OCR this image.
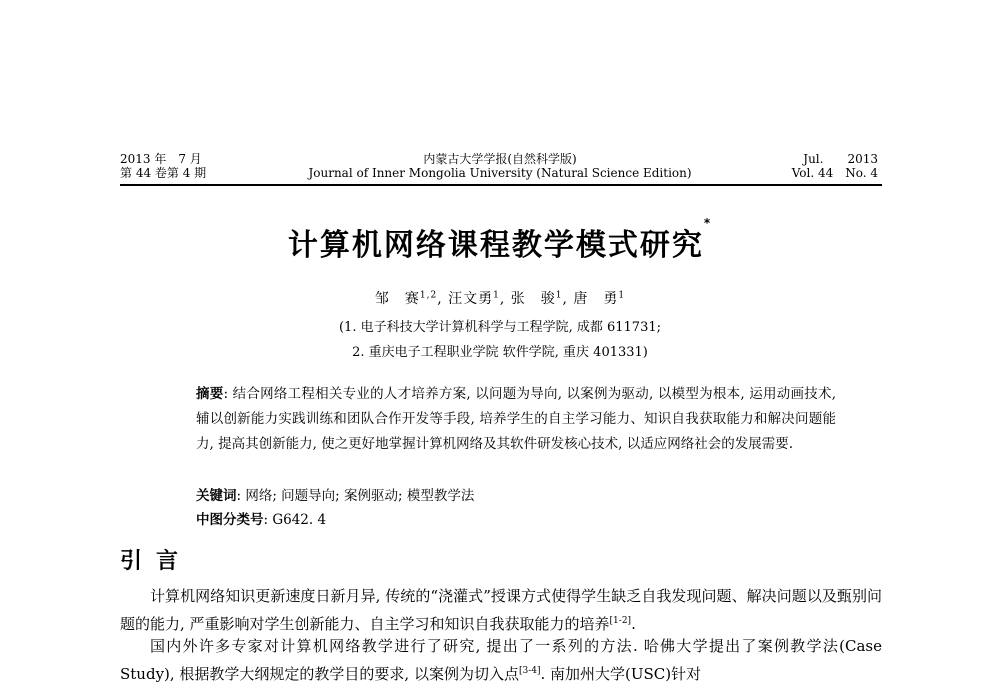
2013 年　7 月
第 44 卷第 4 期
内蒙古大学学报(自然科学版)
Journal of Inner Mongolia University (Natural Science Edition)
Jul.　　2013
Vol. 44　No. 4
计算机网络课程教学模式研究*
邹　赛$^{1,2}$, 汪文勇$^1$, 张　骏$^1$, 唐　勇$^1$
(1. 电子科技大学计算机科学与工程学院, 成都 611731;
2. 重庆电子工程职业学院 软件学院, 重庆 401331)
摘要: 结合网络工程相关专业的人才培养方案, 以问题为导向, 以案例为驱动, 以模型为根本, 运用动画技术, 辅以创新能力实践训练和团队合作开发等手段, 培养学生的自主学习能力、知识自我获取能力和解决问题能力, 提高其创新能力, 使之更好地掌握计算机网络及其软件研发核心技术, 以适应网络社会的发展需要.
关键词: 网络; 问题导向; 案例驱动; 模型教学法
中图分类号: G642. 4
引言
计算机网络知识更新速度日新月异, 传统的“浇灌式”授课方式使得学生缺乏自我发现问题、解决问题以及甄别问题的能力, 严重影响对学生创新能力、自主学习和知识自我获取能力的培养[1-2].
国内外许多专家对计算机网络教学进行了研究, 提出了一系列的方法. 哈佛大学提出了案例教学法(Case Study), 根据教学大纲规定的教学目的要求, 以案例为切入点[3-4]. 南加州大学(USC)针对
